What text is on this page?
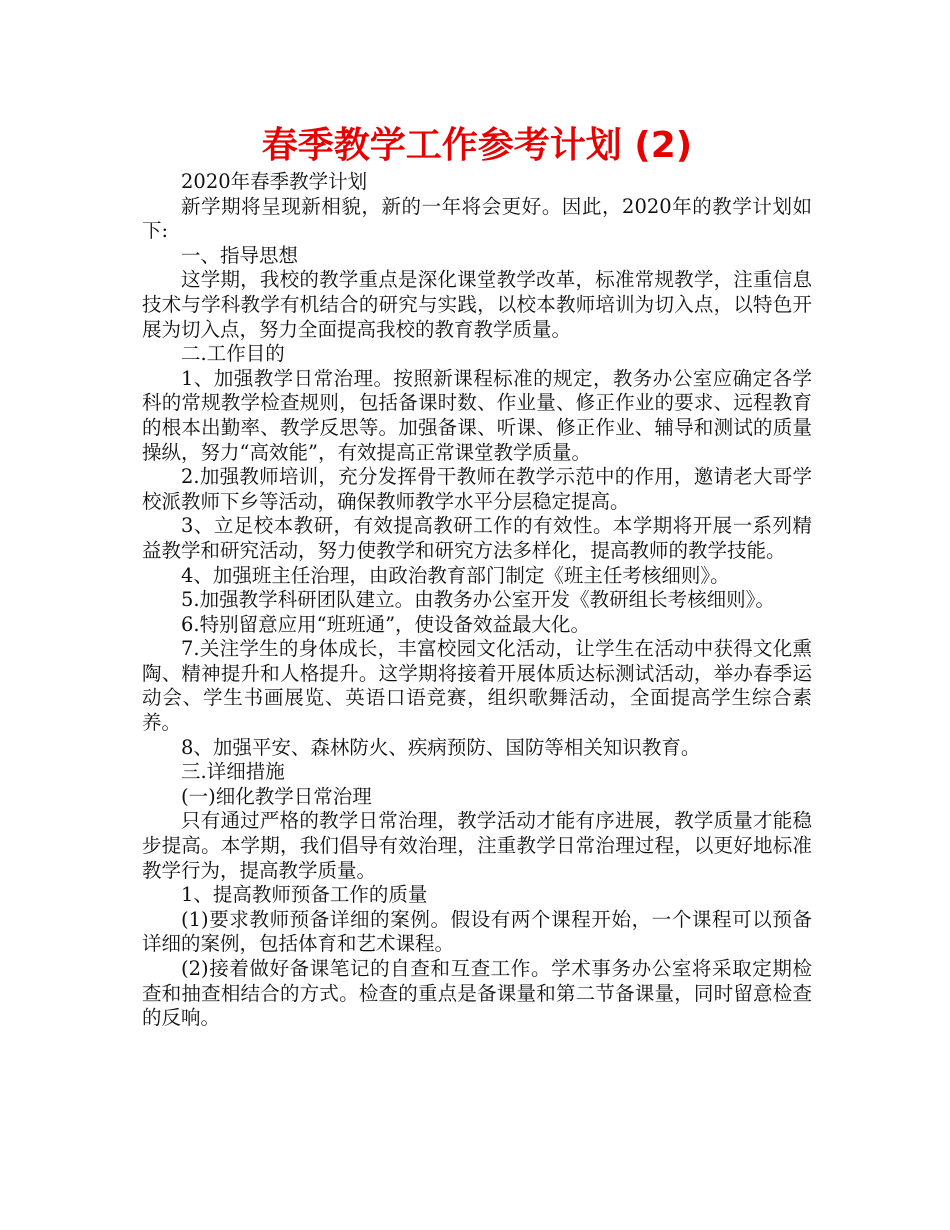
春季教学工作参考计划 (2)

2020年春季教学计划

新学期将呈现新相貌，新的一年将会更好。因此，2020年的教学计划如下:

一、指导思想

这学期，我校的教学重点是深化课堂教学改革，标准常规教学，注重信息技术与学科教学有机结合的研究与实践，以校本教师培训为切入点，以特色开展为切入点，努力全面提高我校的教育教学质量。

二.工作目的

1、加强教学日常治理。按照新课程标准的规定，教务办公室应确定各学科的常规教学检查规则，包括备课时数、作业量、修正作业的要求、远程教育的根本出勤率、教学反思等。加强备课、听课、修正作业、辅导和测试的质量操纵，努力“高效能”，有效提高正常课堂教学质量。

2.加强教师培训，充分发挥骨干教师在教学示范中的作用，邀请老大哥学校派教师下乡等活动，确保教师教学水平分层稳定提高。

3、立足校本教研，有效提高教研工作的有效性。本学期将开展一系列精益教学和研究活动，努力使教学和研究方法多样化，提高教师的教学技能。

4、加强班主任治理，由政治教育部门制定《班主任考核细则》。

5.加强教学科研团队建立。由教务办公室开发《教研组长考核细则》。

6.特别留意应用“班班通”，使设备效益最大化。

7.关注学生的身体成长，丰富校园文化活动，让学生在活动中获得文化熏陶、精神提升和人格提升。这学期将接着开展体质达标测试活动，举办春季运动会、学生书画展览、英语口语竞赛，组织歌舞活动，全面提高学生综合素养。

8、加强平安、森林防火、疾病预防、国防等相关知识教育。

三.详细措施

(一)细化教学日常治理

只有通过严格的教学日常治理，教学活动才能有序进展，教学质量才能稳步提高。本学期，我们倡导有效治理，注重教学日常治理过程，以更好地标准教学行为，提高教学质量。

1、提高教师预备工作的质量

(1)要求教师预备详细的案例。假设有两个课程开始，一个课程可以预备详细的案例，包括体育和艺术课程。

(2)接着做好备课笔记的自查和互查工作。学术事务办公室将采取定期检查和抽查相结合的方式。检查的重点是备课量和第二节备课量，同时留意检查的反响。
